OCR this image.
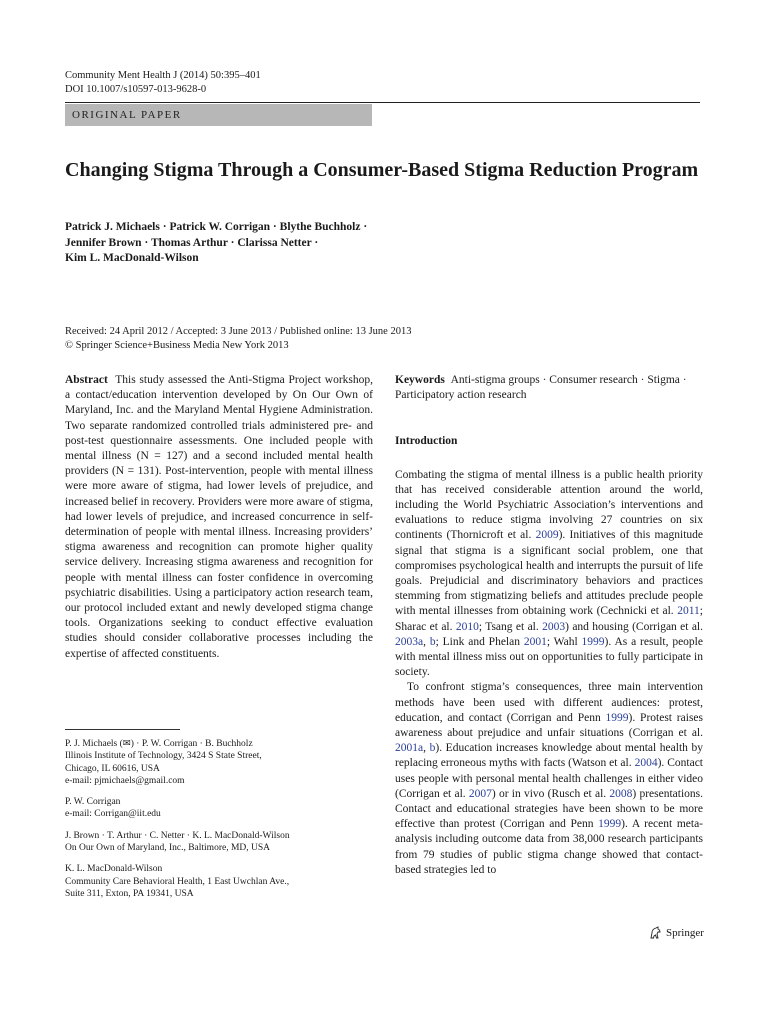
Community Ment Health J (2014) 50:395–401
DOI 10.1007/s10597-013-9628-0
ORIGINAL PAPER
Changing Stigma Through a Consumer-Based Stigma Reduction Program
Patrick J. Michaels · Patrick W. Corrigan · Blythe Buchholz ·
Jennifer Brown · Thomas Arthur · Clarissa Netter ·
Kim L. MacDonald-Wilson
Received: 24 April 2012 / Accepted: 3 June 2013 / Published online: 13 June 2013
© Springer Science+Business Media New York 2013

Abstract This study assessed the Anti-Stigma Project workshop, a contact/education intervention developed by On Our Own of Maryland, Inc. and the Maryland Mental Hygiene Administration. Two separate randomized controlled trials administered pre- and post-test questionnaire assessments. One included people with mental illness (N = 127) and a second included mental health providers (N = 131). Post-intervention, people with mental illness were more aware of stigma, had lower levels of prejudice, and increased belief in recovery. Providers were more aware of stigma, had lower levels of prejudice, and increased concurrence in self-determination of people with mental illness. Increasing providers’ stigma awareness and recognition can promote higher quality service delivery. Increasing stigma awareness and recognition for people with mental illness can foster confidence in overcoming psychiatric disabilities. Using a participatory action research team, our protocol included extant and newly developed stigma change tools. Organizations seeking to conduct effective evaluation studies should consider collaborative processes including the expertise of affected constituents.

P. J. Michaels (✉) · P. W. Corrigan · B. Buchholz
Illinois Institute of Technology, 3424 S State Street,
Chicago, IL 60616, USA
e-mail: pjmichaels@gmail.com

P. W. Corrigan
e-mail: Corrigan@iit.edu

J. Brown · T. Arthur · C. Netter · K. L. MacDonald-Wilson
On Our Own of Maryland, Inc., Baltimore, MD, USA

K. L. MacDonald-Wilson
Community Care Behavioral Health, 1 East Uwchlan Ave.,
Suite 311, Exton, PA 19341, USA

Keywords Anti-stigma groups · Consumer research · Stigma · Participatory action research

Introduction

Combating the stigma of mental illness is a public health priority that has received considerable attention around the world, including the World Psychiatric Association’s interventions and evaluations to reduce stigma involving 27 countries on six continents (Thornicroft et al. 2009). Initiatives of this magnitude signal that stigma is a significant social problem, one that compromises psychological health and interrupts the pursuit of life goals. Prejudicial and discriminatory behaviors and practices stemming from stigmatizing beliefs and attitudes preclude people with mental illnesses from obtaining work (Cechnicki et al. 2011; Sharac et al. 2010; Tsang et al. 2003) and housing (Corrigan et al. 2003a, b; Link and Phelan 2001; Wahl 1999). As a result, people with mental illness miss out on opportunities to fully participate in society.

To confront stigma’s consequences, three main intervention methods have been used with different audiences: protest, education, and contact (Corrigan and Penn 1999). Protest raises awareness about prejudice and unfair situations (Corrigan et al. 2001a, b). Education increases knowledge about mental health by replacing erroneous myths with facts (Watson et al. 2004). Contact uses people with personal mental health challenges in either video (Corrigan et al. 2007) or in vivo (Rusch et al. 2008) presentations. Contact and educational strategies have been shown to be more effective than protest (Corrigan and Penn 1999). A recent meta-analysis including outcome data from 38,000 research participants from 79 studies of public stigma change showed that contact-based strategies led to

Springer
